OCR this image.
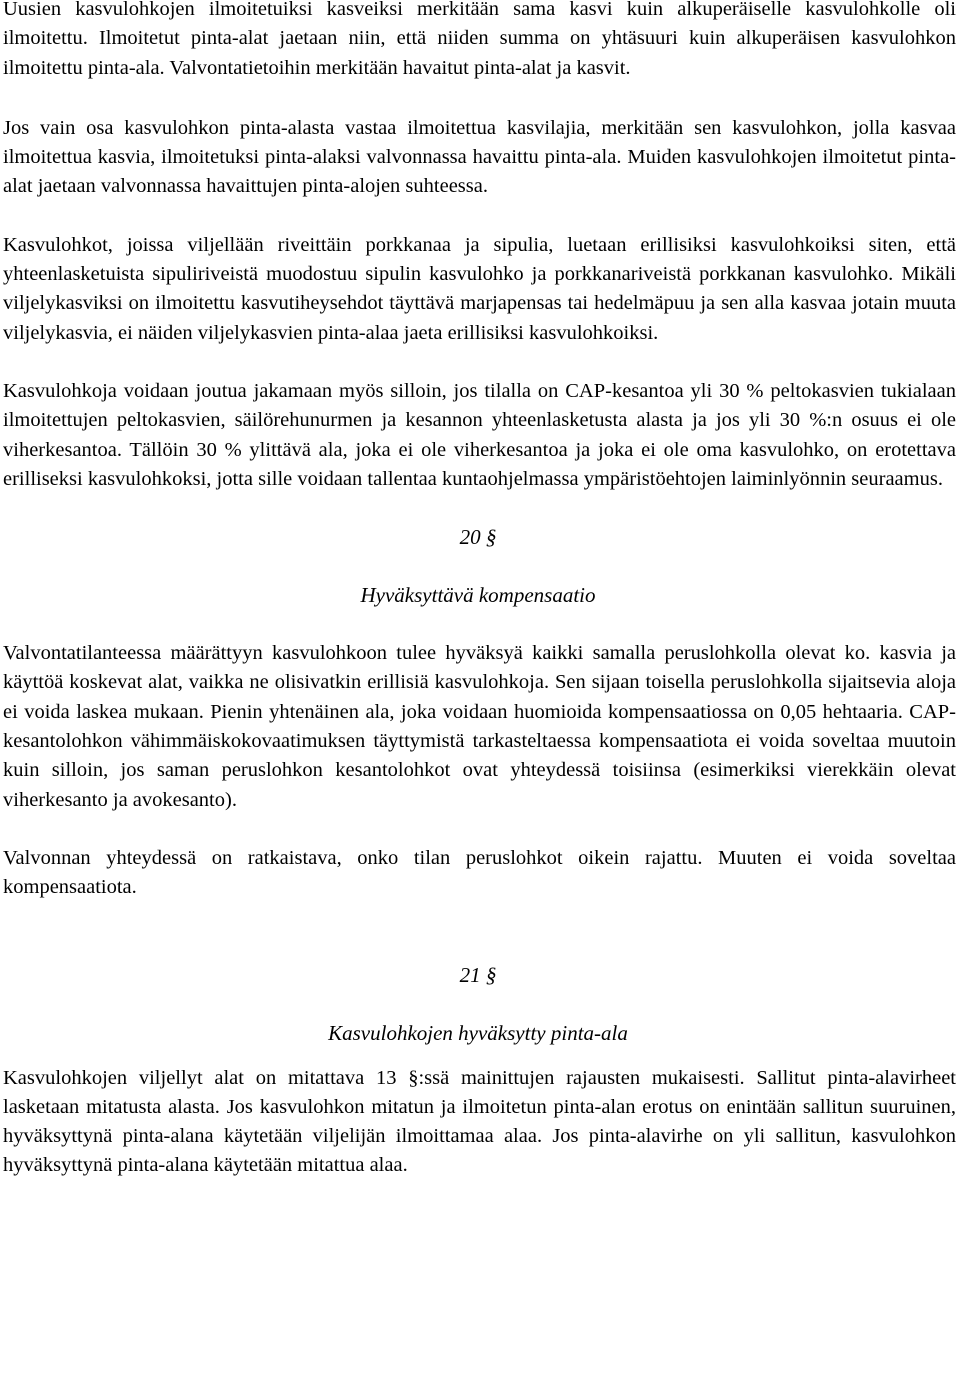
Uusien kasvulohkojen ilmoitetuiksi kasveiksi merkitään sama kasvi kuin alkuperäiselle kasvulohkolle oli ilmoitettu. Ilmoitetut pinta-alat jaetaan niin, että niiden summa on yhtäsuuri kuin alkuperäisen kasvulohkon ilmoitettu pinta-ala. Valvontatietoihin merkitään havaitut pinta-alat ja kasvit.

Jos vain osa kasvulohkon pinta-alasta vastaa ilmoitettua kasvilajia, merkitään sen kasvulohkon, jolla kasvaa ilmoitettua kasvia, ilmoitetuksi pinta-alaksi valvonnassa havaittu pinta-ala. Muiden kasvulohkojen ilmoitetut pinta-alat jaetaan valvonnassa havaittujen pinta-alojen suhteessa.

Kasvulohkot, joissa viljellään riveittäin porkkanaa ja sipulia, luetaan erillisiksi kasvulohkoiksi siten, että yhteenlasketuista sipuliriveistä muodostuu sipulin kasvulohko ja porkkanariveistä porkkanan kasvulohko. Mikäli viljelykasviksi on ilmoitettu kasvutiheysehdot täyttävä marjapensas tai hedelmäpuu ja sen alla kasvaa jotain muuta viljelykasvia, ei näiden viljelykasvien pinta-alaa jaeta erillisiksi kasvulohkoiksi.

Kasvulohkoja voidaan joutua jakamaan myös silloin, jos tilalla on CAP-kesantoa yli 30 % peltokasvien tukialaan ilmoitettujen peltokasvien, säilörehunurmen ja kesannon yhteenlasketusta alasta ja jos yli 30 %:n osuus ei ole viherkesantoa. Tällöin 30 % ylittävä ala, joka ei ole viherkesantoa ja joka ei ole oma kasvulohko, on erotettava erilliseksi kasvulohkoksi, jotta sille voidaan tallentaa kuntaohjelmassa ympäristöehtojen laiminlyönnin seuraamus.

20 §

Hyväksyttävä kompensaatio

Valvontatilanteessa määrättyyn kasvulohkoon tulee hyväksyä kaikki samalla peruslohkolla olevat ko. kasvia ja käyttöä koskevat alat, vaikka ne olisivatkin erillisiä kasvulohkoja. Sen sijaan toisella peruslohkolla sijaitsevia aloja ei voida laskea mukaan. Pienin yhtenäinen ala, joka voidaan huomioida kompensaatiossa on 0,05 hehtaaria. CAP-kesantolohkon vähimmäiskokovaatimuksen täyttymistä tarkasteltaessa kompensaatiota ei voida soveltaa muutoin kuin silloin, jos saman peruslohkon kesantolohkot ovat yhteydessä toisiinsa (esimerkiksi vierekkäin olevat viherkesanto ja avokesanto).

Valvonnan yhteydessä on ratkaistava, onko tilan peruslohkot oikein rajattu. Muuten ei voida soveltaa kompensaatiota.

21 §

Kasvulohkojen hyväksytty pinta-ala

Kasvulohkojen viljellyt alat on mitattava 13 §:ssä mainittujen rajausten mukaisesti. Sallitut pinta-alavirheet lasketaan mitatusta alasta. Jos kasvulohkon mitatun ja ilmoitetun pinta-alan erotus on enintään sallitun suuruinen, hyväksyttynä pinta-alana käytetään viljelijän ilmoittamaa alaa. Jos pinta-alavirhe on yli sallitun, kasvulohkon hyväksyttynä pinta-alana käytetään mitattua alaa.
